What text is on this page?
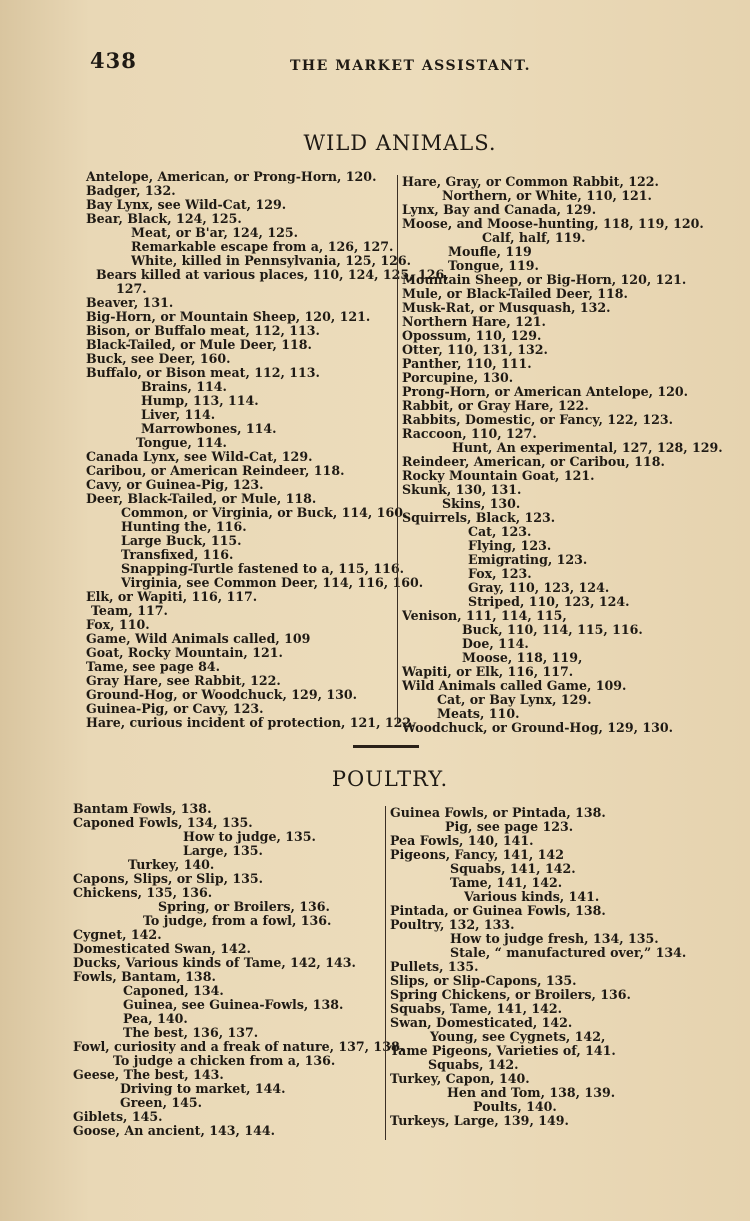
438	THE MARKET ASSISTANT.
WILD ANIMALS.
Antelope, American, or Prong-Horn, 120.
Badger, 132.
Bay Lynx, see Wild-Cat, 129.
Bear, Black, 124, 125.
Meat, or B'ar, 124, 125.
Remarkable escape from a, 126, 127.
White, killed in Pennsylvania, 125, 126.
Bears killed at various places, 110, 124, 125, 126,
127.
Beaver, 131.
Big-Horn, or Mountain Sheep, 120, 121.
Bison, or Buffalo meat, 112, 113.
Black-Tailed, or Mule Deer, 118.
Buck, see Deer, 160.
Buffalo, or Bison meat, 112, 113.
Brains, 114.
Hump, 113, 114.
Liver, 114.
Marrowbones, 114.
Tongue, 114.
Canada Lynx, see Wild-Cat, 129.
Caribou, or American Reindeer, 118.
Cavy, or Guinea-Pig, 123.
Deer, Black-Tailed, or Mule, 118.
Common, or Virginia, or Buck, 114, 160.
Hunting the, 116.
Large Buck, 115.
Transfixed, 116.
Snapping-Turtle fastened to a, 115, 116.
Virginia, see Common Deer, 114, 116, 160.
Elk, or Wapiti, 116, 117.
Team, 117.
Fox, 110.
Game, Wild Animals called, 109
Goat, Rocky Mountain, 121.
Tame, see page 84.
Gray Hare, see Rabbit, 122.
Ground-Hog, or Woodchuck, 129, 130.
Guinea-Pig, or Cavy, 123.
Hare, curious incident of protection, 121, 122.
Hare, Gray, or Common Rabbit, 122.
Northern, or White, 110, 121.
Lynx, Bay and Canada, 129.
Moose, and Moose-hunting, 118, 119, 120.
Calf, half, 119.
Moufle, 119
Tongue, 119.
Mountain Sheep, or Big-Horn, 120, 121.
Mule, or Black-Tailed Deer, 118.
Musk-Rat, or Musquash, 132.
Northern Hare, 121.
Opossum, 110, 129.
Otter, 110, 131, 132.
Panther, 110, 111.
Porcupine, 130.
Prong-Horn, or American Antelope, 120.
Rabbit, or Gray Hare, 122.
Rabbits, Domestic, or Fancy, 122, 123.
Raccoon, 110, 127.
Hunt, An experimental, 127, 128, 129.
Reindeer, American, or Caribou, 118.
Rocky Mountain Goat, 121.
Skunk, 130, 131.
Skins, 130.
Squirrels, Black, 123.
Cat, 123.
Flying, 123.
Emigrating, 123.
Fox, 123.
Gray, 110, 123, 124.
Striped, 110, 123, 124.
Venison, 111, 114, 115,
Buck, 110, 114, 115, 116.
Doe, 114.
Moose, 118, 119,
Wapiti, or Elk, 116, 117.
Wild Animals called Game, 109.
Cat, or Bay Lynx, 129.
Meats, 110.
Woodchuck, or Ground-Hog, 129, 130.
POULTRY.
Bantam Fowls, 138.
Caponed Fowls, 134, 135.
How to judge, 135.
Large, 135.
Turkey, 140.
Capons, Slips, or Slip, 135.
Chickens, 135, 136.
Spring, or Broilers, 136.
To judge, from a fowl, 136.
Cygnet, 142.
Domesticated Swan, 142.
Ducks, Various kinds of Tame, 142, 143.
Fowls, Bantam, 138.
Caponed, 134.
Guinea, see Guinea-Fowls, 138.
Pea, 140.
The best, 136, 137.
Fowl, curiosity and a freak of nature, 137, 138.
To judge a chicken from a, 136.
Geese, The best, 143.
Driving to market, 144.
Green, 145.
Giblets, 145.
Goose, An ancient, 143, 144.
Guinea Fowls, or Pintada, 138.
Pig, see page 123.
Pea Fowls, 140, 141.
Pigeons, Fancy, 141, 142
Squabs, 141, 142.
Tame, 141, 142.
Various kinds, 141.
Pintada, or Guinea Fowls, 138.
Poultry, 132, 133.
How to judge fresh, 134, 135.
Stale, “ manufactured over,” 134.
Pullets, 135.
Slips, or Slip-Capons, 135.
Spring Chickens, or Broilers, 136.
Squabs, Tame, 141, 142.
Swan, Domesticated, 142.
Young, see Cygnets, 142,
Tame Pigeons, Varieties of, 141.
Squabs, 142.
Turkey, Capon, 140.
Hen and Tom, 138, 139.
Poults, 140.
Turkeys, Large, 139, 149.
